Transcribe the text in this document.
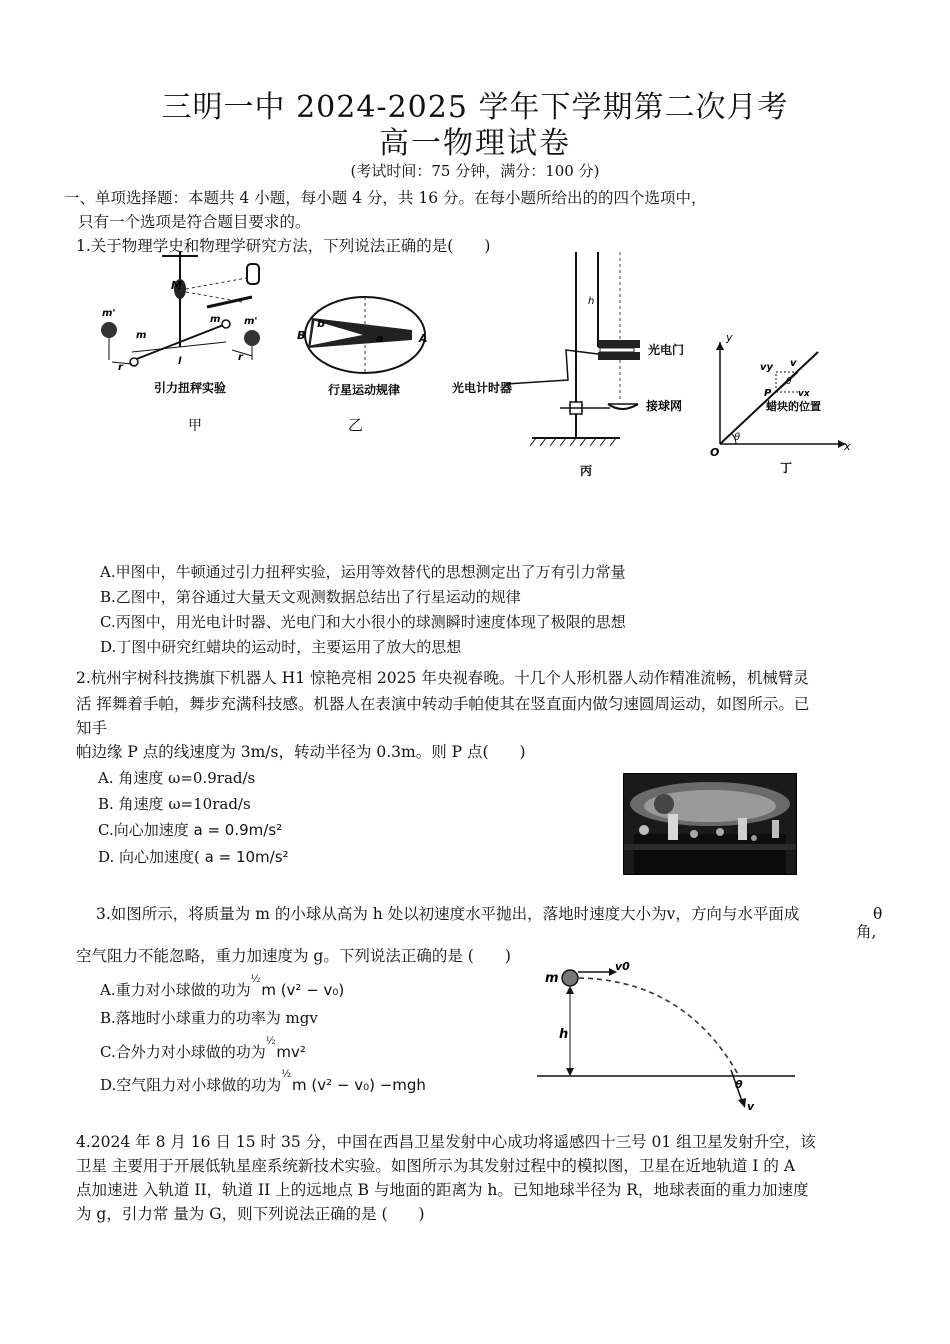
三明一中 2024-2025 学年下学期第二次月考
高一物理试卷
(考试时间：75 分钟，满分：100 分)
一、单项选择题：本题共 4 小题，每小题 4 分，共 16 分。在每小题所给出的的四个选项中，
只有一个选项是符合题目要求的。
1.关于物理学史和物理学研究方法，下列说法正确的是(　　)
M
m'
m'
m
m
r
r
l
引力扭秤实验
甲
B	A
b
a
行星运动规律
乙
h
光电门
光电计时器
接球网
丙
y
x
O
θ
vy v
vx
P
θ
蜡块的位置
丁
A.甲图中，牛顿通过引力扭秤实验，运用等效替代的思想测定出了万有引力常量
B.乙图中，第谷通过大量天文观测数据总结出了行星运动的规律
C.丙图中，用光电计时器、光电门和大小很小的球测瞬时速度体现了极限的思想
D.丁图中研究红蜡块的运动时，主要运用了放大的思想
2.杭州宇树科技携旗下机器人 H1 惊艳亮相 2025 年央视春晚。十几个人形机器人动作精准流畅，机械臂灵
活 挥舞着手帕，舞步充满科技感。机器人在表演中转动手帕使其在竖直面内做匀速圆周运动，如图所示。已
知手
帕边缘 P 点的线速度为 3m/s，转动半径为 0.3m。则 P 点(　　)
A. 角速度 ω=0.9rad/s
B. 角速度 ω=10rad/s
C.向心加速度 a = 0.9m/s²
D. 向心加速度( a = 10m/s²
3.如图所示，将质量为 m 的小球从高为 h 处以初速度水平抛出，落地时速度大小为v，方向与水平面成	θ
角,
空气阻力不能忽略，重力加速度为 g。下列说法正确的是 (　　)
A.重力对小球做的功为½m (v² − v₀)
B.落地时小球重力的功率为 mgv
C.合外力对小球做的功为½mv²
D.空气阻力对小球做的功为½m (v² − v₀) −mgh
m
v0
h
θ
v
4.2024 年 8 月 16 日 15 时 35 分，中国在西昌卫星发射中心成功将遥感四十三号 01 组卫星发射升空，该
卫星 主要用于开展低轨星座系统新技术实验。如图所示为其发射过程中的模拟图，卫星在近地轨道 I 的 A
点加速进 入轨道 II，轨道 II 上的远地点 B 与地面的距离为 h。已知地球半径为 R，地球表面的重力加速度
为 g，引力常 量为 G，则下列说法正确的是 (　　)
